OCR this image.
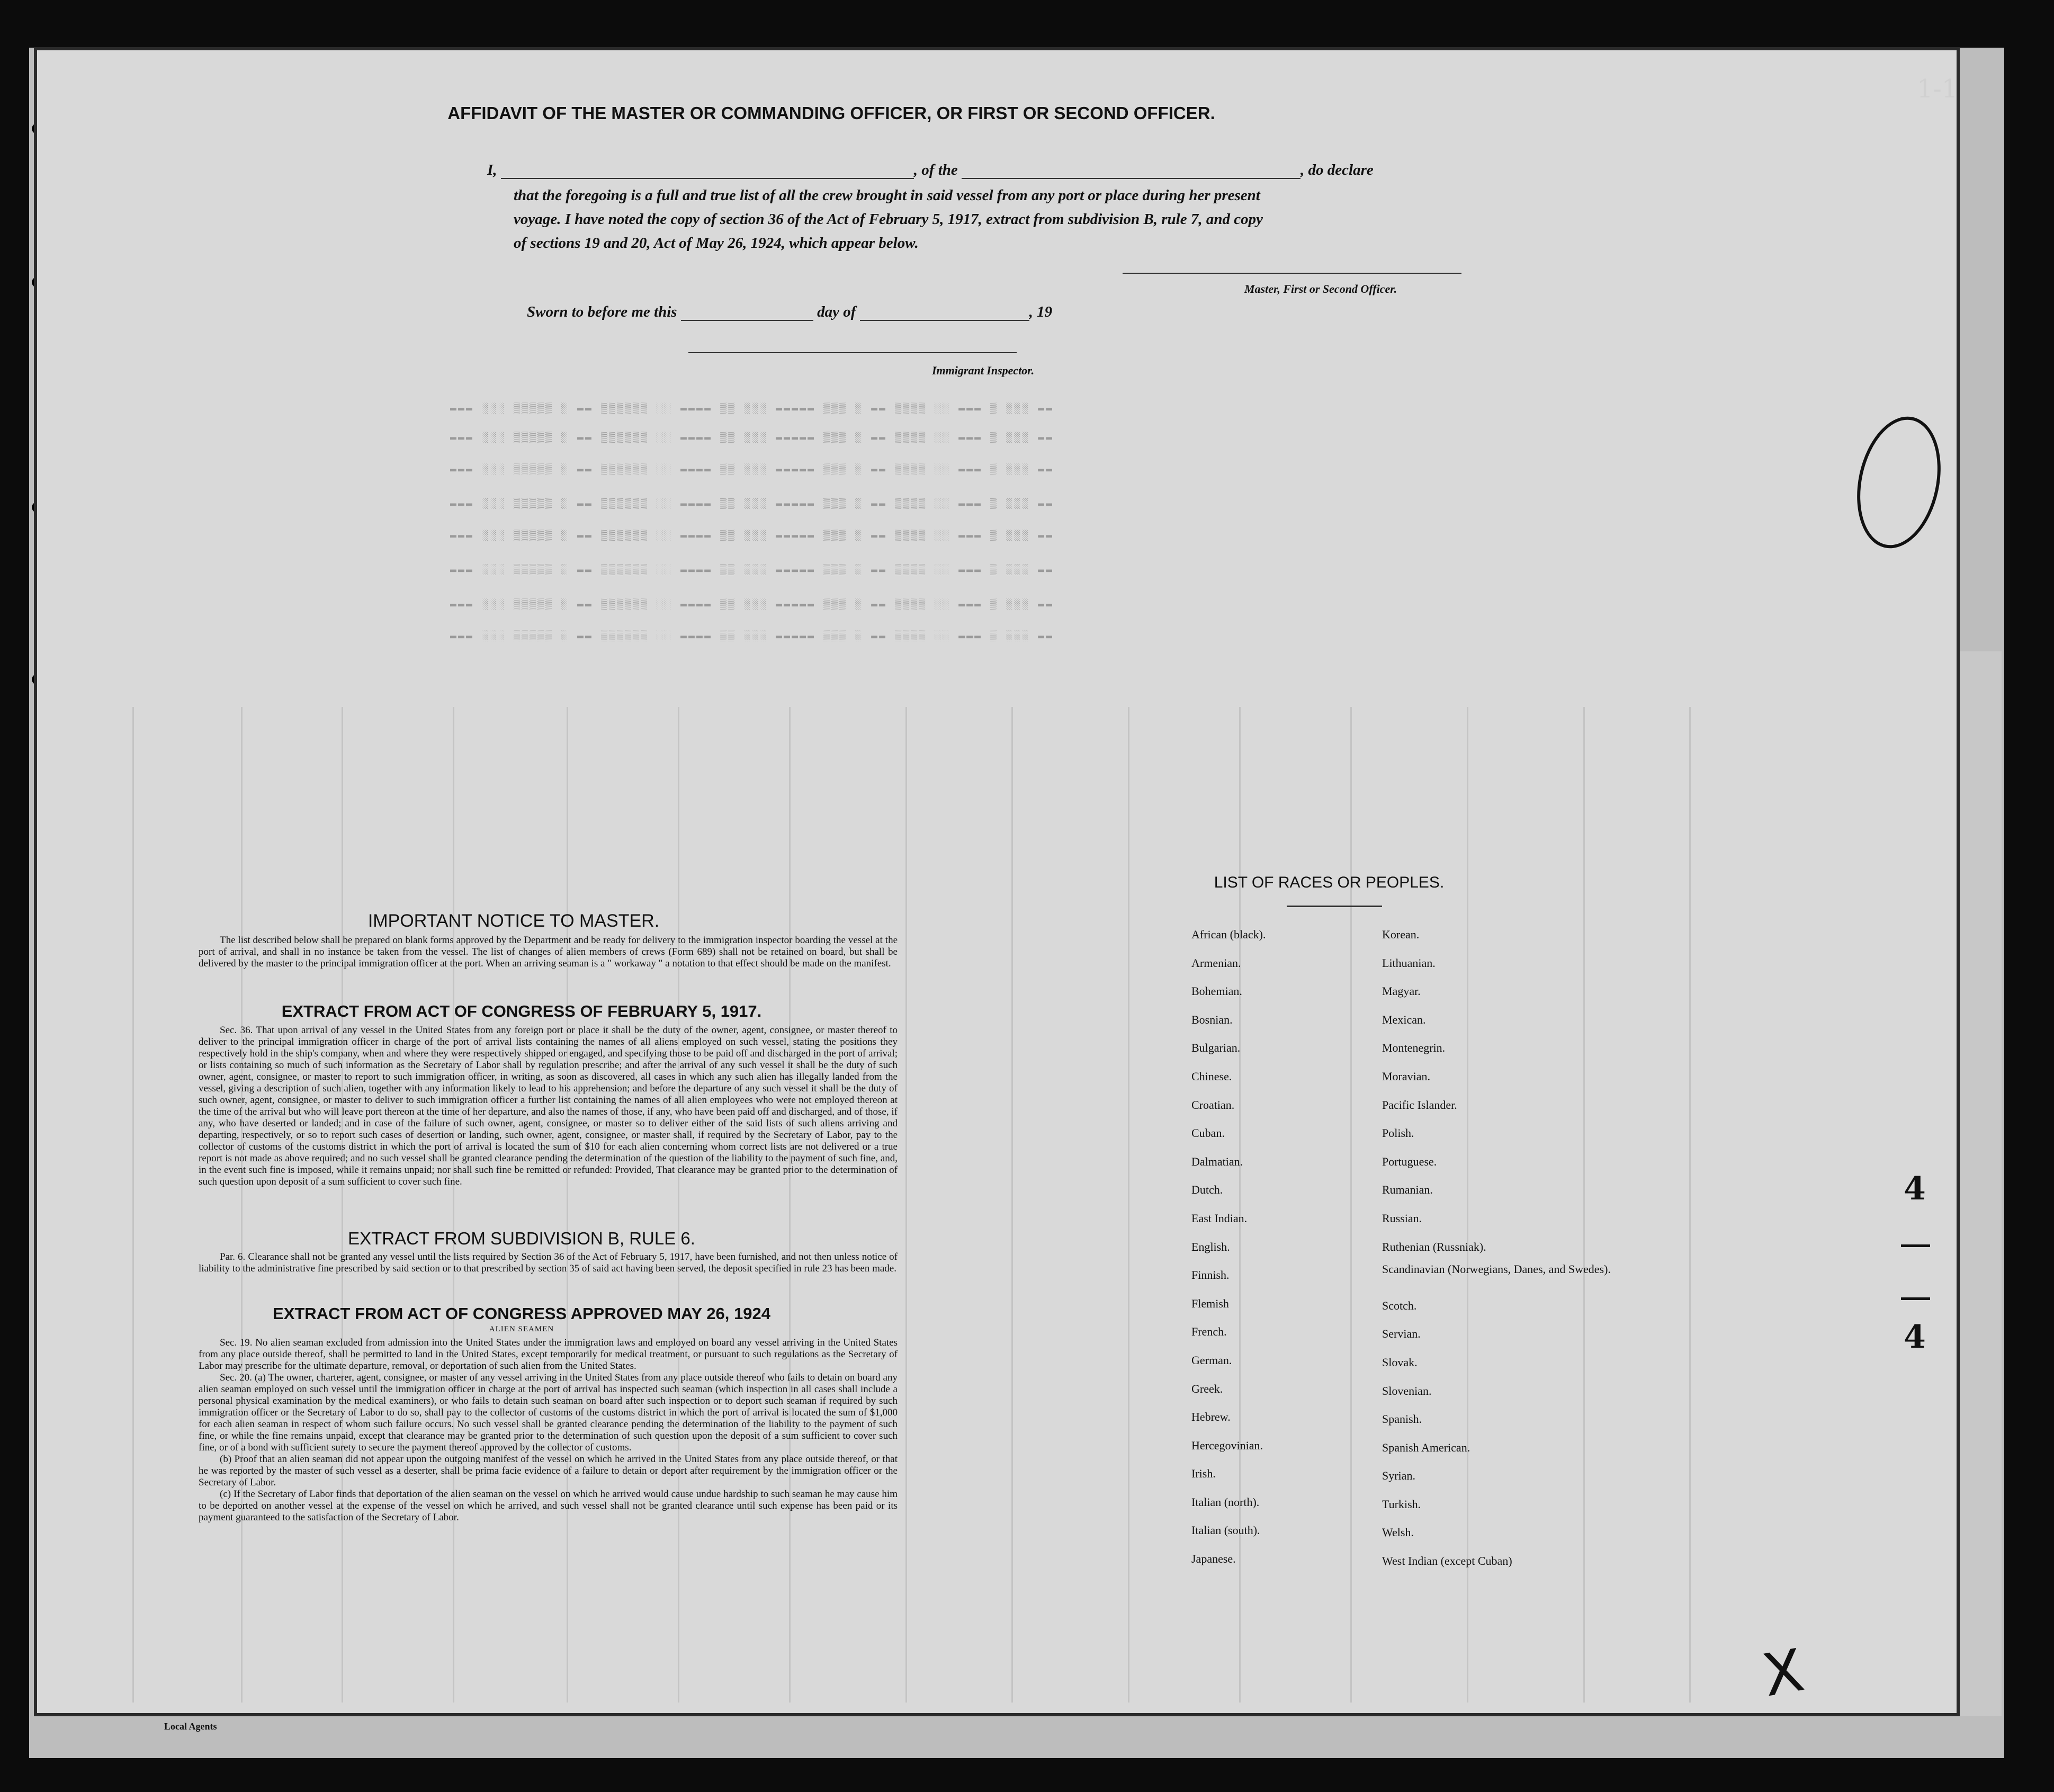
▬▬▬ ░░░ ▒▒▒▒▒ ░ ▬▬ ▒▒▒▒▒▒ ░░ ▬▬▬▬ ▒▒ ░░░ ▬▬▬▬▬ ▒▒▒ ░ ▬▬ ▒▒▒▒ ░░ ▬▬▬ ▒ ░░░ ▬▬
▬▬▬ ░░░ ▒▒▒▒▒ ░ ▬▬ ▒▒▒▒▒▒ ░░ ▬▬▬▬ ▒▒ ░░░ ▬▬▬▬▬ ▒▒▒ ░ ▬▬ ▒▒▒▒ ░░ ▬▬▬ ▒ ░░░ ▬▬
▬▬▬ ░░░ ▒▒▒▒▒ ░ ▬▬ ▒▒▒▒▒▒ ░░ ▬▬▬▬ ▒▒ ░░░ ▬▬▬▬▬ ▒▒▒ ░ ▬▬ ▒▒▒▒ ░░ ▬▬▬ ▒ ░░░ ▬▬
▬▬▬ ░░░ ▒▒▒▒▒ ░ ▬▬ ▒▒▒▒▒▒ ░░ ▬▬▬▬ ▒▒ ░░░ ▬▬▬▬▬ ▒▒▒ ░ ▬▬ ▒▒▒▒ ░░ ▬▬▬ ▒ ░░░ ▬▬
▬▬▬ ░░░ ▒▒▒▒▒ ░ ▬▬ ▒▒▒▒▒▒ ░░ ▬▬▬▬ ▒▒ ░░░ ▬▬▬▬▬ ▒▒▒ ░ ▬▬ ▒▒▒▒ ░░ ▬▬▬ ▒ ░░░ ▬▬
▬▬▬ ░░░ ▒▒▒▒▒ ░ ▬▬ ▒▒▒▒▒▒ ░░ ▬▬▬▬ ▒▒ ░░░ ▬▬▬▬▬ ▒▒▒ ░ ▬▬ ▒▒▒▒ ░░ ▬▬▬ ▒ ░░░ ▬▬
▬▬▬ ░░░ ▒▒▒▒▒ ░ ▬▬ ▒▒▒▒▒▒ ░░ ▬▬▬▬ ▒▒ ░░░ ▬▬▬▬▬ ▒▒▒ ░ ▬▬ ▒▒▒▒ ░░ ▬▬▬ ▒ ░░░ ▬▬
▬▬▬ ░░░ ▒▒▒▒▒ ░ ▬▬ ▒▒▒▒▒▒ ░░ ▬▬▬▬ ▒▒ ░░░ ▬▬▬▬▬ ▒▒▒ ░ ▬▬ ▒▒▒▒ ░░ ▬▬▬ ▒ ░░░ ▬▬
AFFIDAVIT OF THE MASTER OR COMMANDING OFFICER, OR FIRST OR SECOND OFFICER.
I,	, of the	, do declare
that the foregoing is a full and true list of all the crew brought in said vessel from any port or place during her present
voyage. I have noted the copy of section 36 of the Act of February 5, 1917, extract from subdivision B, rule 7, and copy
of sections 19 and 20, Act of May 26, 1924, which appear below.
Master, First or Second Officer.
Sworn to before me this	day of	, 19
Immigrant Inspector.
IMPORTANT NOTICE TO MASTER.
The list described below shall be prepared on blank forms approved by the Department and be ready for delivery to the immigration inspector boarding the vessel at the port of arrival, and shall in no instance be taken from the vessel. The list of changes of alien members of crews (Form 689) shall not be retained on board, but shall be delivered by the master to the principal immigration officer at the port. When an arriving seaman is a " workaway " a notation to that effect should be made on the manifest.
EXTRACT FROM ACT OF CONGRESS OF FEBRUARY 5, 1917.
Sec. 36. That upon arrival of any vessel in the United States from any foreign port or place it shall be the duty of the owner, agent, consignee, or master thereof to deliver to the principal immigration officer in charge of the port of arrival lists containing the names of all aliens employed on such vessel, stating the positions they respectively hold in the ship's company, when and where they were respectively shipped or engaged, and specifying those to be paid off and discharged in the port of arrival; or lists containing so much of such information as the Secretary of Labor shall by regulation prescribe; and after the arrival of any such vessel it shall be the duty of such owner, agent, consignee, or master to report to such immigration officer, in writing, as soon as discovered, all cases in which any such alien has illegally landed from the vessel, giving a description of such alien, together with any information likely to lead to his apprehension; and before the departure of any such vessel it shall be the duty of such owner, agent, consignee, or master to deliver to such immigration officer a further list containing the names of all alien employees who were not employed thereon at the time of the arrival but who will leave port thereon at the time of her departure, and also the names of those, if any, who have been paid off and discharged, and of those, if any, who have deserted or landed; and in case of the failure of such owner, agent, consignee, or master so to deliver either of the said lists of such aliens arriving and departing, respectively, or so to report such cases of desertion or landing, such owner, agent, consignee, or master shall, if required by the Secretary of Labor, pay to the collector of customs of the customs district in which the port of arrival is located the sum of $10 for each alien concerning whom correct lists are not delivered or a true report is not made as above required; and no such vessel shall be granted clearance pending the determination of the question of the liability to the payment of such fine, and, in the event such fine is imposed, while it remains unpaid; nor shall such fine be remitted or refunded: Provided, That clearance may be granted prior to the determination of such question upon deposit of a sum sufficient to cover such fine.
EXTRACT FROM SUBDIVISION B, RULE 6.
Par. 6. Clearance shall not be granted any vessel until the lists required by Section 36 of the Act of February 5, 1917, have been furnished, and not then unless notice of liability to the administrative fine prescribed by said section or to that prescribed by section 35 of said act having been served, the deposit specified in rule 23 has been made.
EXTRACT FROM ACT OF CONGRESS APPROVED MAY 26, 1924
ALIEN SEAMEN
Sec. 19. No alien seaman excluded from admission into the United States under the immigration laws and employed on board any vessel arriving in the United States from any place outside thereof, shall be permitted to land in the United States, except temporarily for medical treatment, or pursuant to such regulations as the Secretary of Labor may prescribe for the ultimate departure, removal, or deportation of such alien from the United States.
Sec. 20. (a) The owner, charterer, agent, consignee, or master of any vessel arriving in the United States from any place outside thereof who fails to detain on board any alien seaman employed on such vessel until the immigration officer in charge at the port of arrival has inspected such seaman (which inspection in all cases shall include a personal physical examination by the medical examiners), or who fails to detain such seaman on board after such inspection or to deport such seaman if required by such immigration officer or the Secretary of Labor to do so, shall pay to the collector of customs of the customs district in which the port of arrival is located the sum of $1,000 for each alien seaman in respect of whom such failure occurs. No such vessel shall be granted clearance pending the determination of the liability to the payment of such fine, or while the fine remains unpaid, except that clearance may be granted prior to the determination of such question upon the deposit of a sum sufficient to cover such fine, or of a bond with sufficient surety to secure the payment thereof approved by the collector of customs.
(b) Proof that an alien seaman did not appear upon the outgoing manifest of the vessel on which he arrived in the United States from any place outside thereof, or that he was reported by the master of such vessel as a deserter, shall be prima facie evidence of a failure to detain or deport after requirement by the immigration officer or the Secretary of Labor.
(c) If the Secretary of Labor finds that deportation of the alien seaman on the vessel on which he arrived would cause undue hardship to such seaman he may cause him to be deported on another vessel at the expense of the vessel on which he arrived, and such vessel shall not be granted clearance until such expense has been paid or its payment guaranteed to the satisfaction of the Secretary of Labor.
LIST OF RACES OR PEOPLES.
African (black).
Armenian.
Bohemian.
Bosnian.
Bulgarian.
Chinese.
Croatian.
Cuban.
Dalmatian.
Dutch.
East Indian.
English.
Finnish.
Flemish
French.
German.
Greek.
Hebrew.
Hercegovinian.
Irish.
Italian (north).
Italian (south).
Japanese.
Korean.
Lithuanian.
Magyar.
Mexican.
Montenegrin.
Moravian.
Pacific Islander.
Polish.
Portuguese.
Rumanian.
Russian.
Ruthenian (Russniak).
Scandinavian (Norwegians, Danes, and Swedes).
Scotch.
Servian.
Slovak.
Slovenian.
Spanish.
Spanish American.
Syrian.
Turkish.
Welsh.
West Indian (except Cuban)
X
Local Agents
1-1
4
4
